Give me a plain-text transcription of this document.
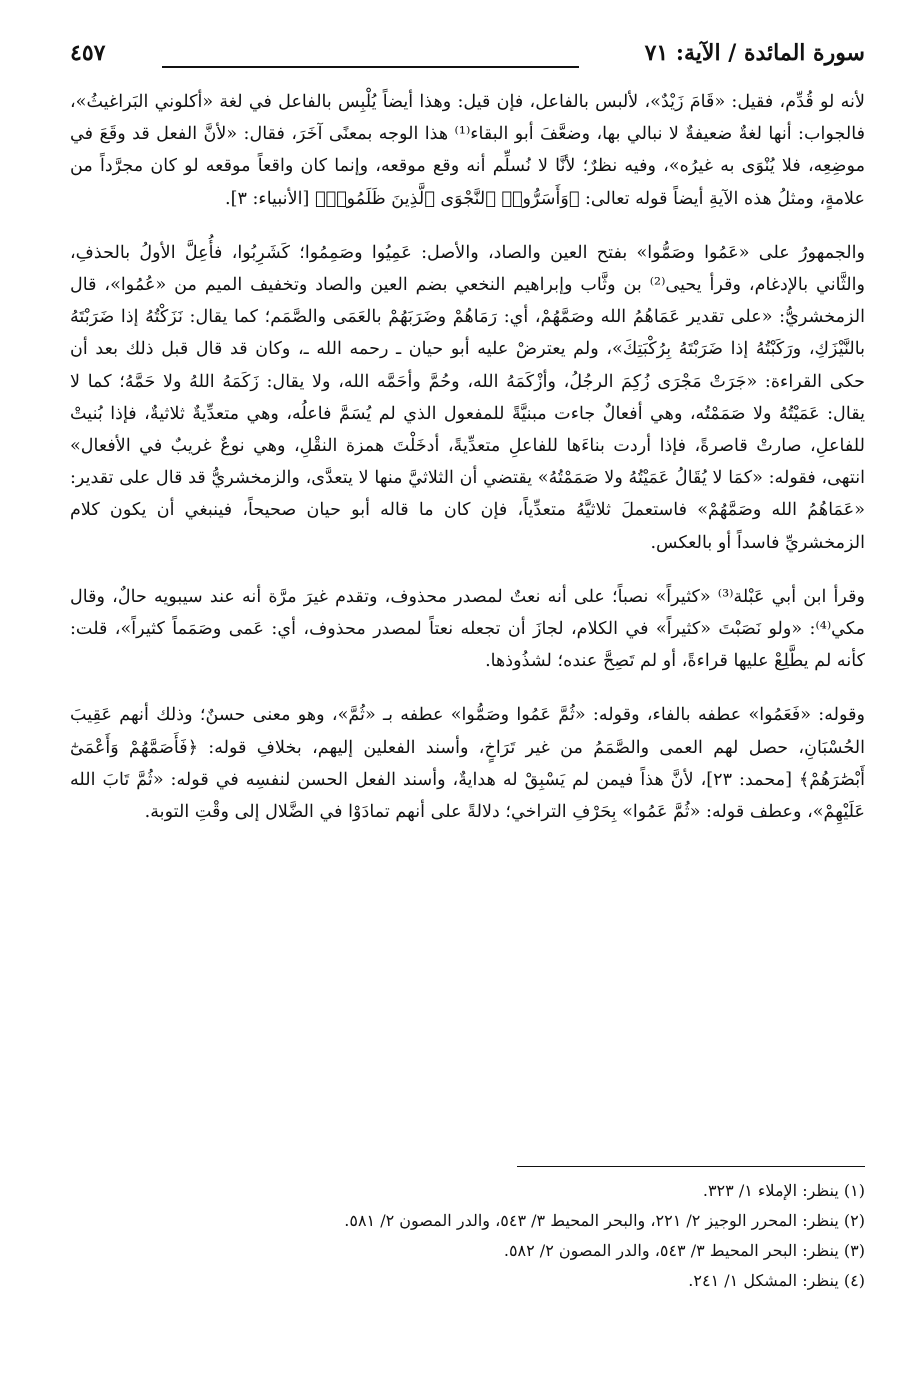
سورة المائدة / الآية: ٧١
٤٥٧

لأنه لو قُدِّم، فقيل: «قَامَ زَيْدٌ»، لألبس بالفاعل، فإن قيل: وهذا أيضاً يُلْبِس بالفاعل في لغة «أكلوني البَراغيثُ»، فالجواب: أنها لغةٌ ضعيفةٌ لا نبالي بها، وضعَّفَ أبو البقاء⁽¹⁾ هذا الوجه بمعنًى آخَرَ، فقال: «لأنَّ الفعل قد وقَعَ في موضِعِه، فلا يُنْوَى به غيرُه»، وفيه نظرٌ؛ لأنَّا لا نُسلِّم أنه وقع موقعه، وإنما كان واقعاً موقعه لو كان مجرَّداً من علامةٍ، ومثلُ هذه الآيةِ أيضاً قوله تعالى: ﴿وَأَسَرُّوا۟ ٱلنَّجْوَى ٱلَّذِينَ ظَلَمُوا۟﴾ [الأنبياء: ٣].

والجمهورُ على «عَمُوا وصَمُّوا» بفتح العين والصاد، والأصل: عَمِيُوا وصَمِمُوا؛ كَشَرِبُوا، فأُعِلَّ الأولُ بالحذفِ، والثَّاني بالإدغام، وقرأ يحيى⁽²⁾ بن وثَّاب وإبراهيم النخعي بضم العين والصاد وتخفيف الميم من «عُمُوا»، قال الزمخشريُّ: «على تقدير عَمَاهُمُ الله وصَمَّهُمْ، أي: رَمَاهُمْ وضَرَبَهُمْ بالعَمَى والصَّمَم؛ كما يقال: نَزَكْتُهُ إذا ضَرَبْتَهُ بالنَّيْزَكِ، ورَكَبْتُهُ إذا ضَرَبْتَهُ بِرُكْبَتِكَ»، ولم يعترضْ عليه أبو حيان ـ رحمه الله ـ، وكان قد قال قبل ذلك بعد أن حكى القراءة: «جَرَتْ مَجْرَى زُكِمَ الرجُلُ، وأزْكَمَهُ الله، وحُمَّ وأحَمَّه الله، ولا يقال: زَكَمَهُ اللهُ ولا حَمَّهُ؛ كما لا يقال: عَمَيْتُهُ ولا صَمَمْتُه، وهي أفعالٌ جاءت مبنيَّةً للمفعول الذي لم يُسَمَّ فاعلُه، وهي متعدِّيةٌ ثلاثيةٌ، فإذا بُنيتْ للفاعلِ، صارتْ قاصرةً، فإذا أردت بناءَها للفاعلِ متعدِّيةً، أدخَلْتَ همزة النقْلِ، وهي نوعٌ غريبٌ في الأفعال» انتهى، فقوله: «كمَا لا يُقَالُ عَمَيْتُهُ ولا صَمَمْتُهُ» يقتضي أن الثلاثيَّ منها لا يتعدَّى، والزمخشريُّ قد قال على تقدير: «عَمَاهُمُ الله وصَمَّهُمْ» فاستعملَ ثلاثيَّهُ متعدِّياً، فإن كان ما قاله أبو حيان صحيحاً، فينبغي أن يكون كلام الزمخشريِّ فاسداً أو بالعكس.

وقرأ ابن أبي عَبْلة⁽³⁾ «كثيراً» نصباً؛ على أنه نعتٌ لمصدر محذوف، وتقدم غيرَ مرَّة أنه عند سيبويه حالٌ، وقال مكي⁽⁴⁾: «ولو نَصَبْتَ «كثيراً» في الكلام، لجازَ أن تجعله نعتاً لمصدر محذوف، أي: عَمى وصَمَماً كثيراً»، قلت: كأنه لم يطَّلِعْ عليها قراءةً، أو لم تَصِحَّ عنده؛ لشذُوذها.

وقوله: «فَعَمُوا» عطفه بالفاء، وقوله: «ثُمَّ عَمُوا وصَمُّوا» عطفه بـ «ثُمَّ»، وهو معنى حسنٌ؛ وذلك أنهم عَقِيبَ الحُسْبَانِ، حصل لهم العمى والصَّمَمُ من غير تَرَاخٍ، وأسند الفعلين إليهم، بخلافِ قوله: ﴿فَأَصَمَّهُمْ وَأَعْمَىٰٓ أَبْصَٰرَهُمْ﴾ [محمد: ٢٣]، لأنَّ هذاً فيمن لم يَسْبِقْ له هدايةٌ، وأسند الفعل الحسن لنفسِه في قوله: «ثُمَّ تَابَ الله عَلَيْهِمْ»، وعطف قوله: «ثُمَّ عَمُوا» بِحَرْفِ التراخي؛ دلالةً على أنهم تمادَوْا في الضَّلال إلى وقْتِ التوبة.

(١) ينظر: الإملاء ١/ ٣٢٣.

(٢) ينظر: المحرر الوجيز ٢/ ٢٢١، والبحر المحيط ٣/ ٥٤٣، والدر المصون ٢/ ٥٨١.

(٣) ينظر: البحر المحيط ٣/ ٥٤٣، والدر المصون ٢/ ٥٨٢.

(٤) ينظر: المشكل ١/ ٢٤١.
